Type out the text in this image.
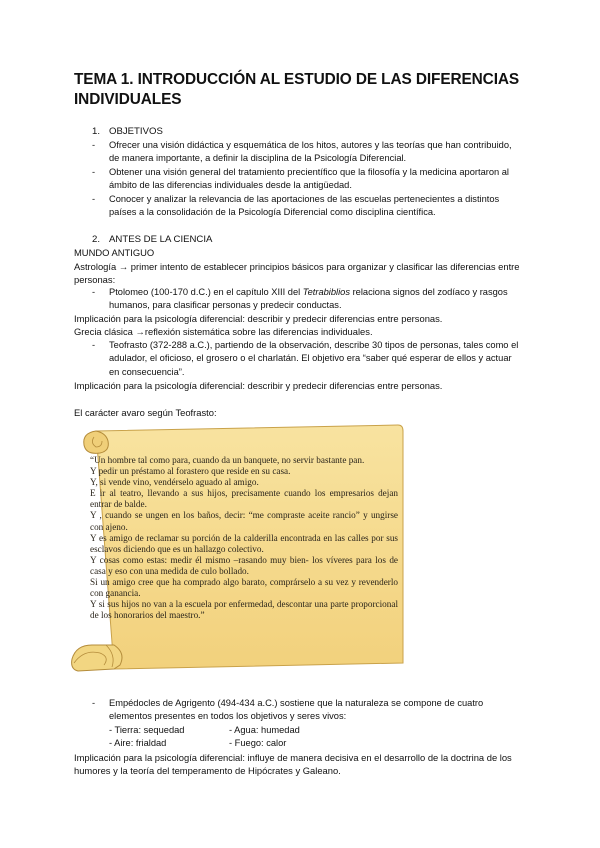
TEMA 1. INTRODUCCIÓN AL ESTUDIO DE LAS DIFERENCIAS INDIVIDUALES
1. OBJETIVOS
- Ofrecer una visión didáctica y esquemática de los hitos, autores y las teorías que han contribuido, de manera importante, a definir la disciplina de la Psicología Diferencial.
- Obtener una visión general del tratamiento precientífico que la filosofía y la medicina aportaron al ámbito de las diferencias individuales desde la antigüedad.
- Conocer y analizar la relevancia de las aportaciones de las escuelas pertenecientes a distintos países a la consolidación de la Psicología Diferencial como disciplina científica.
2. ANTES DE LA CIENCIA

MUNDO ANTIGUO

Astrología → primer intento de establecer principios básicos para organizar y clasificar las diferencias entre personas:

- Ptolomeo (100-170 d.C.) en el capítulo XIII del Tetrabiblios relaciona signos del zodíaco y rasgos humanos, para clasificar personas y predecir conductas.

Implicación para la psicología diferencial: describir y predecir diferencias entre personas.

Grecia clásica →reflexión sistemática sobre las diferencias individuales.

- Teofrasto (372-288 a.C.), partiendo de la observación, describe 30 tipos de personas, tales como el adulador, el oficioso, el grosero o el charlatán. El objetivo era “saber qué esperar de ellos y actuar en consecuencia”.

Implicación para la psicología diferencial: describir y predecir diferencias entre personas.

El carácter avaro según Teofrasto:

“Un hombre tal como para, cuando da un banquete, no servir bastante pan.

Y pedir un préstamo al forastero que reside en su casa.

Y, si vende vino, vendérselo aguado al amigo.

E ir al teatro, llevando a sus hijos, precisamente cuando los empresarios dejan entrar de balde.

Y , cuando se ungen en los baños, decir: “me compraste aceite rancio” y ungirse con ajeno.

Y es amigo de reclamar su porción de la calderilla encontrada en las calles por sus esclavos diciendo que es un hallazgo colectivo.

Y cosas como estas: medir él mismo –rasando muy bien- los víveres para los de casa y eso con una medida de culo bollado.

Si un amigo cree que ha comprado algo barato, comprárselo a su vez y revenderlo con ganancia.

Y si sus hijos no van a la escuela por enfermedad, descontar una parte proporcional de los honorarios del maestro.”

- Empédocles de Agrigento (494-434 a.C.) sostiene que la naturaleza se compone de cuatro elementos presentes en todos los objetivos y seres vivos:
- Tierra: sequedad	- Agua: humedad
- Aire: frialdad	- Fuego: calor

Implicación para la psicología diferencial: influye de manera decisiva en el desarrollo de la doctrina de los humores y la teoría del temperamento de Hipócrates y Galeano.
